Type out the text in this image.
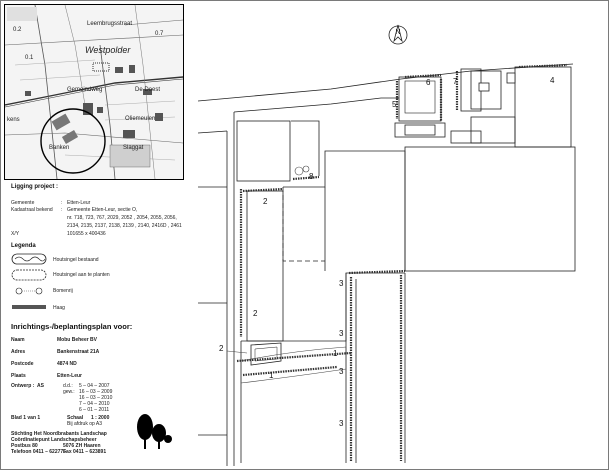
Leembrugsstraat
Westpolder
Gemeindweg	De Doest
Oliemeulen
Banken	Slaggat
kens
0.1
0.2
0.7
Ligging project :
Gemeente	: Etten-Leur
Kadastraal bekend : Gemeente Etten-Leur, sectie O,
nr. 718, 723, 767, 2029, 2052 , 2054, 2055, 2056,
2134, 2135, 2137, 2138, 2139 , 2140, 2416D , 2461
X/Y	101655 x 400436
Legenda
Houtsingel bestaand
Houtsingel aan te planten
Bomenrij
Haag
Inrichtings-/beplantingsplan voor:
Naam	Mobu Beheer BV
Adres	Bankenstraat 21A
Postcode	4874 ND
Plaats	Etten-Leur
Ontwerp : AS	d.d.: 5 – 04 – 2007
gew.: 16 – 03 – 2009
16 – 03 – 2010
7 – 04 – 2010
6 – 01 – 2011
Blad 1 van 1	Schaal 1 : 2000
Bij afdruk op A3
Stichting Het Noordbrabants Landschap
Coördinatiepunt Landschapsbeheer
Postbus 80	5076 ZH Haaren
Telefoon 0411 – 622775
Fax 0411 – 623891
N
1
1
2
2
2
3
3
3
3
4
5
6	7
8
